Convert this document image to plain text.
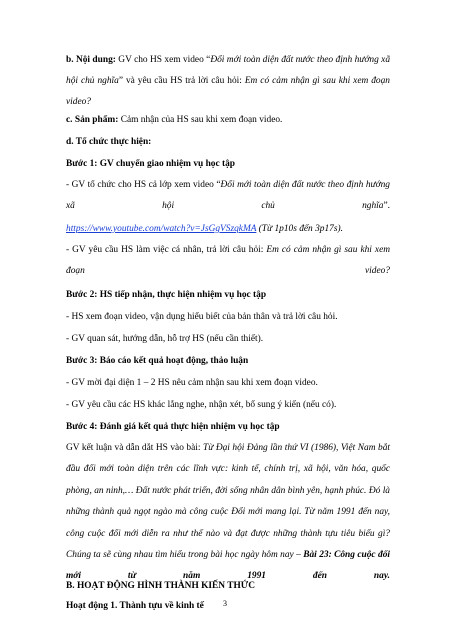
b. Nội dung: GV cho HS xem video “Đổi mới toàn diện đất nước theo định hướng xã hội chủ nghĩa” và yêu cầu HS trả lời câu hỏi: Em có cảm nhận gì sau khi xem đoạn video?
c. Sản phẩm: Cảm nhận của HS sau khi xem đoạn video.
d. Tổ chức thực hiện:
Bước 1: GV chuyển giao nhiệm vụ học tập
- GV tổ chức cho HS cả lớp xem video “Đổi mới toàn diện đất nước theo định hướng xã hội chủ nghĩa”.
https://www.youtube.com/watch?v=JsGgVSzqkMA (Từ 1p10s đến 3p17s).
- GV yêu cầu HS làm việc cá nhân, trả lời câu hỏi: Em có cảm nhận gì sau khi xem đoạn video?
Bước 2: HS tiếp nhận, thực hiện nhiệm vụ học tập
- HS xem đoạn video, vận dụng hiểu biết của bản thân và trả lời câu hỏi.
- GV quan sát, hướng dẫn, hỗ trợ HS (nếu cần thiết).
Bước 3: Báo cáo kết quả hoạt động, thảo luận
- GV mời đại diện 1 – 2 HS nêu cảm nhận sau khi xem đoạn video.
- GV yêu cầu các HS khác lắng nghe, nhận xét, bổ sung ý kiến (nếu có).
Bước 4: Đánh giá kết quả thực hiện nhiệm vụ học tập
GV kết luận và dẫn dắt HS vào bài: Từ Đại hội Đảng lần thứ VI (1986), Việt Nam bắt đầu đổi mới toàn diện trên các lĩnh vực: kinh tế, chính trị, xã hội, văn hóa, quốc phòng, an ninh,… Đất nước phát triển, đời sống nhân dân bình yên, hạnh phúc. Đó là những thành quả ngọt ngào mà công cuộc Đổi mới mang lại. Từ năm 1991 đến nay, công cuộc đổi mới diễn ra như thế nào và đạt được những thành tựu tiêu biểu gì? Chúng ta sẽ cùng nhau tìm hiểu trong bài học ngày hôm nay – Bài 23: Công cuộc đổi mới từ năm 1991 đến nay.
B. HOẠT ĐỘNG HÌNH THÀNH KIẾN THỨC
Hoạt động 1. Thành tựu về kinh tế	3
